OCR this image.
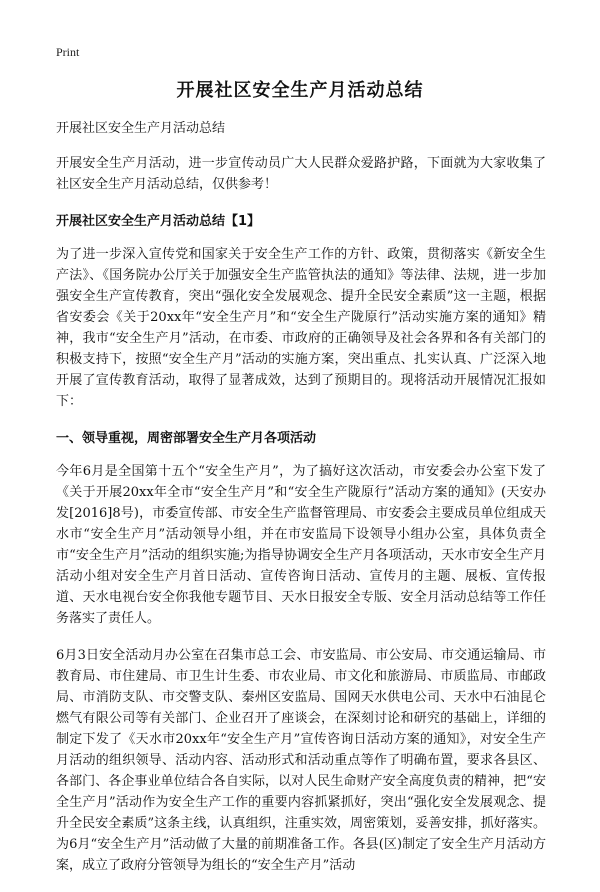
Print
开展社区安全生产月活动总结

开展社区安全生产月活动总结

开展安全生产月活动，进一步宣传动员广大人民群众爱路护路，下面就为大家收集了社区安全生产月活动总结，仅供参考！

开展社区安全生产月活动总结【1】

为了进一步深入宣传党和国家关于安全生产工作的方针、政策，贯彻落实《新安全生产法》、《国务院办公厅关于加强安全生产监管执法的通知》等法律、法规，进一步加强安全生产宣传教育，突出“强化安全发展观念、提升全民安全素质”这一主题，根据省安委会《关于20xx年“安全生产月”和“安全生产陇原行”活动实施方案的通知》精神，我市“安全生产月”活动，在市委、市政府的正确领导及社会各界和各有关部门的积极支持下，按照“安全生产月”活动的实施方案，突出重点、扎实认真、广泛深入地开展了宣传教育活动，取得了显著成效，达到了预期目的。现将活动开展情况汇报如下：

一、领导重视，周密部署安全生产月各项活动

今年6月是全国第十五个“安全生产月”，为了搞好这次活动，市安委会办公室下发了《关于开展20xx年全市“安全生产月”和“安全生产陇原行”活动方案的通知》(天安办发[2016]8号)，市委宣传部、市安全生产监督管理局、市安委会主要成员单位组成天水市“安全生产月”活动领导小组，并在市安监局下设领导小组办公室，具体负责全市“安全生产月”活动的组织实施;为指导协调安全生产月各项活动，天水市安全生产月活动小组对安全生产月首日活动、宣传咨询日活动、宣传月的主题、展板、宣传报道、天水电视台安全你我他专题节目、天水日报安全专版、安全月活动总结等工作任务落实了责任人。

6月3日安全活动月办公室在召集市总工会、市安监局、市公安局、市交通运输局、市教育局、市住建局、市卫生计生委、市农业局、市文化和旅游局、市质监局、市邮政局、市消防支队、市交警支队、秦州区安监局、国网天水供电公司、天水中石油昆仑燃气有限公司等有关部门、企业召开了座谈会，在深刻讨论和研究的基础上，详细的制定下发了《天水市20xx年“安全生产月”宣传咨询日活动方案的通知》，对安全生产月活动的组织领导、活动内容、活动形式和活动重点等作了明确布置，要求各县区、各部门、各企事业单位结合各自实际，以对人民生命财产安全高度负责的精神，把“安全生产月”活动作为安全生产工作的重要内容抓紧抓好，突出“强化安全发展观念、提升全民安全素质”这条主线，认真组织，注重实效，周密策划，妥善安排，抓好落实。为6月“安全生产月”活动做了大量的前期准备工作。各县(区)制定了安全生产月活动方案，成立了政府分管领导为组长的“安全生产月”活动
